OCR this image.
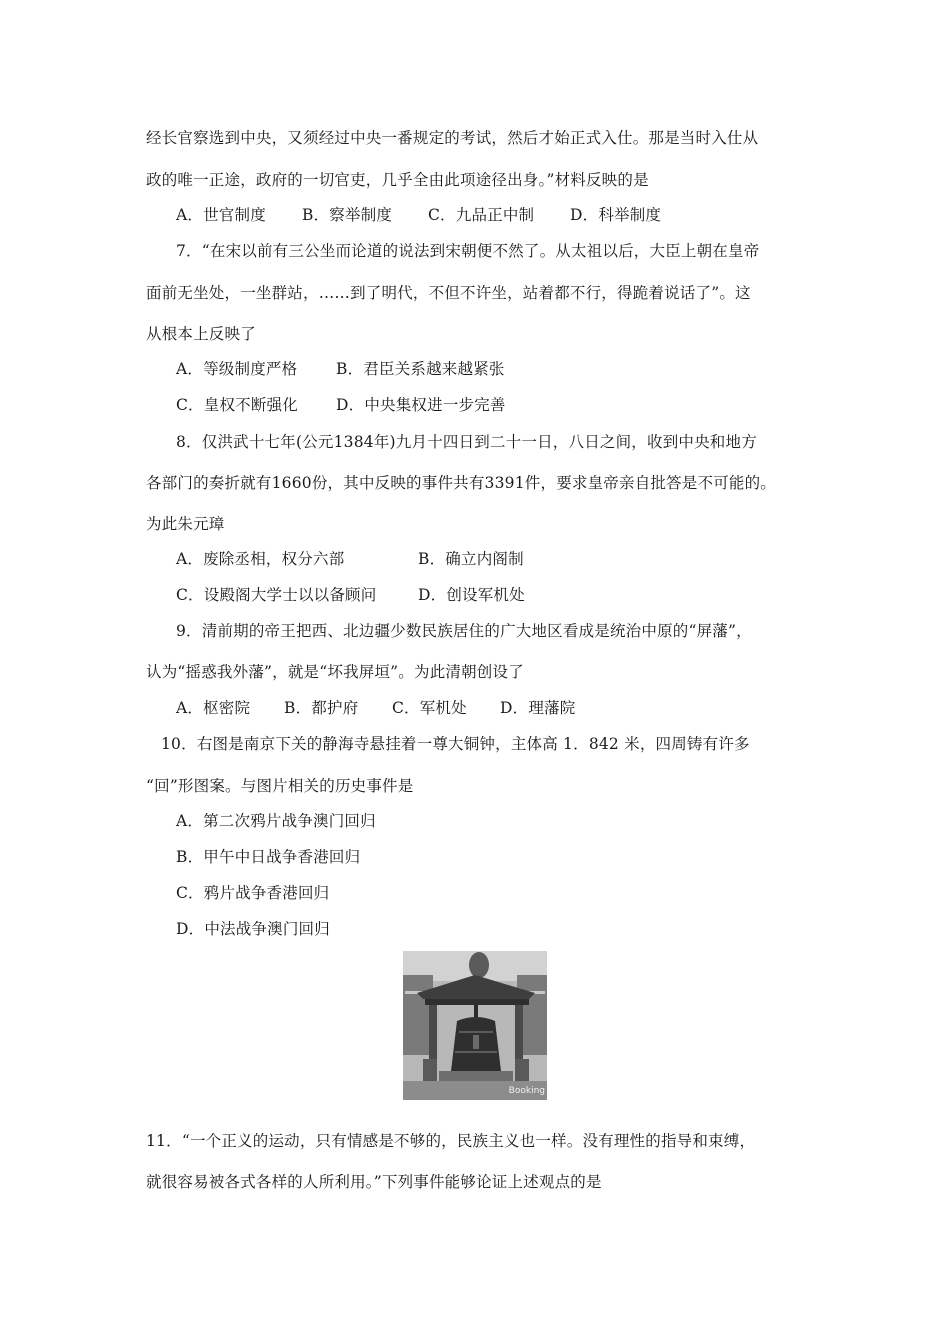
经长官察选到中央，又须经过中央一番规定的考试，然后才始正式入仕。那是当时入仕从
政的唯一正途，政府的一切官吏，几乎全由此项途径出身。”材料反映的是
A．世官制度 B．察举制度 C．九品正中制 D．科举制度
7．“在宋以前有三公坐而论道的说法到宋朝便不然了。从太祖以后，大臣上朝在皇帝
面前无坐处，一坐群站，……到了明代，不但不许坐，站着都不行，得跪着说话了”。这
从根本上反映了
A．等级制度严格 B．君臣关系越来越紧张
C．皇权不断强化 D．中央集权进一步完善
8．仅洪武十七年(公元1384年)九月十四日到二十一日，八日之间，收到中央和地方
各部门的奏折就有1660份，其中反映的事件共有3391件，要求皇帝亲自批答是不可能的。
为此朱元璋
A．废除丞相，权分六部	B．确立内阁制
C．设殿阁大学士以以备顾问	D．创设军机处
9．清前期的帝王把西、北边疆少数民族居住的广大地区看成是统治中原的“屏藩”，
认为“摇惑我外藩”，就是“坏我屏垣”。为此清朝创设了
A．枢密院 B．都护府 C．军机处 D．理藩院
10．右图是南京下关的静海寺悬挂着一尊大铜钟，主体高 1．842 米，四周铸有许多
“回”形图案。与图片相关的历史事件是
A．第二次鸦片战争澳门回归
B．甲午中日战争香港回归
C．鸦片战争香港回归
D．中法战争澳门回归
Booking
11．“一个正义的运动，只有情感是不够的，民族主义也一样。没有理性的指导和束缚，
就很容易被各式各样的人所利用。”下列事件能够论证上述观点的是
